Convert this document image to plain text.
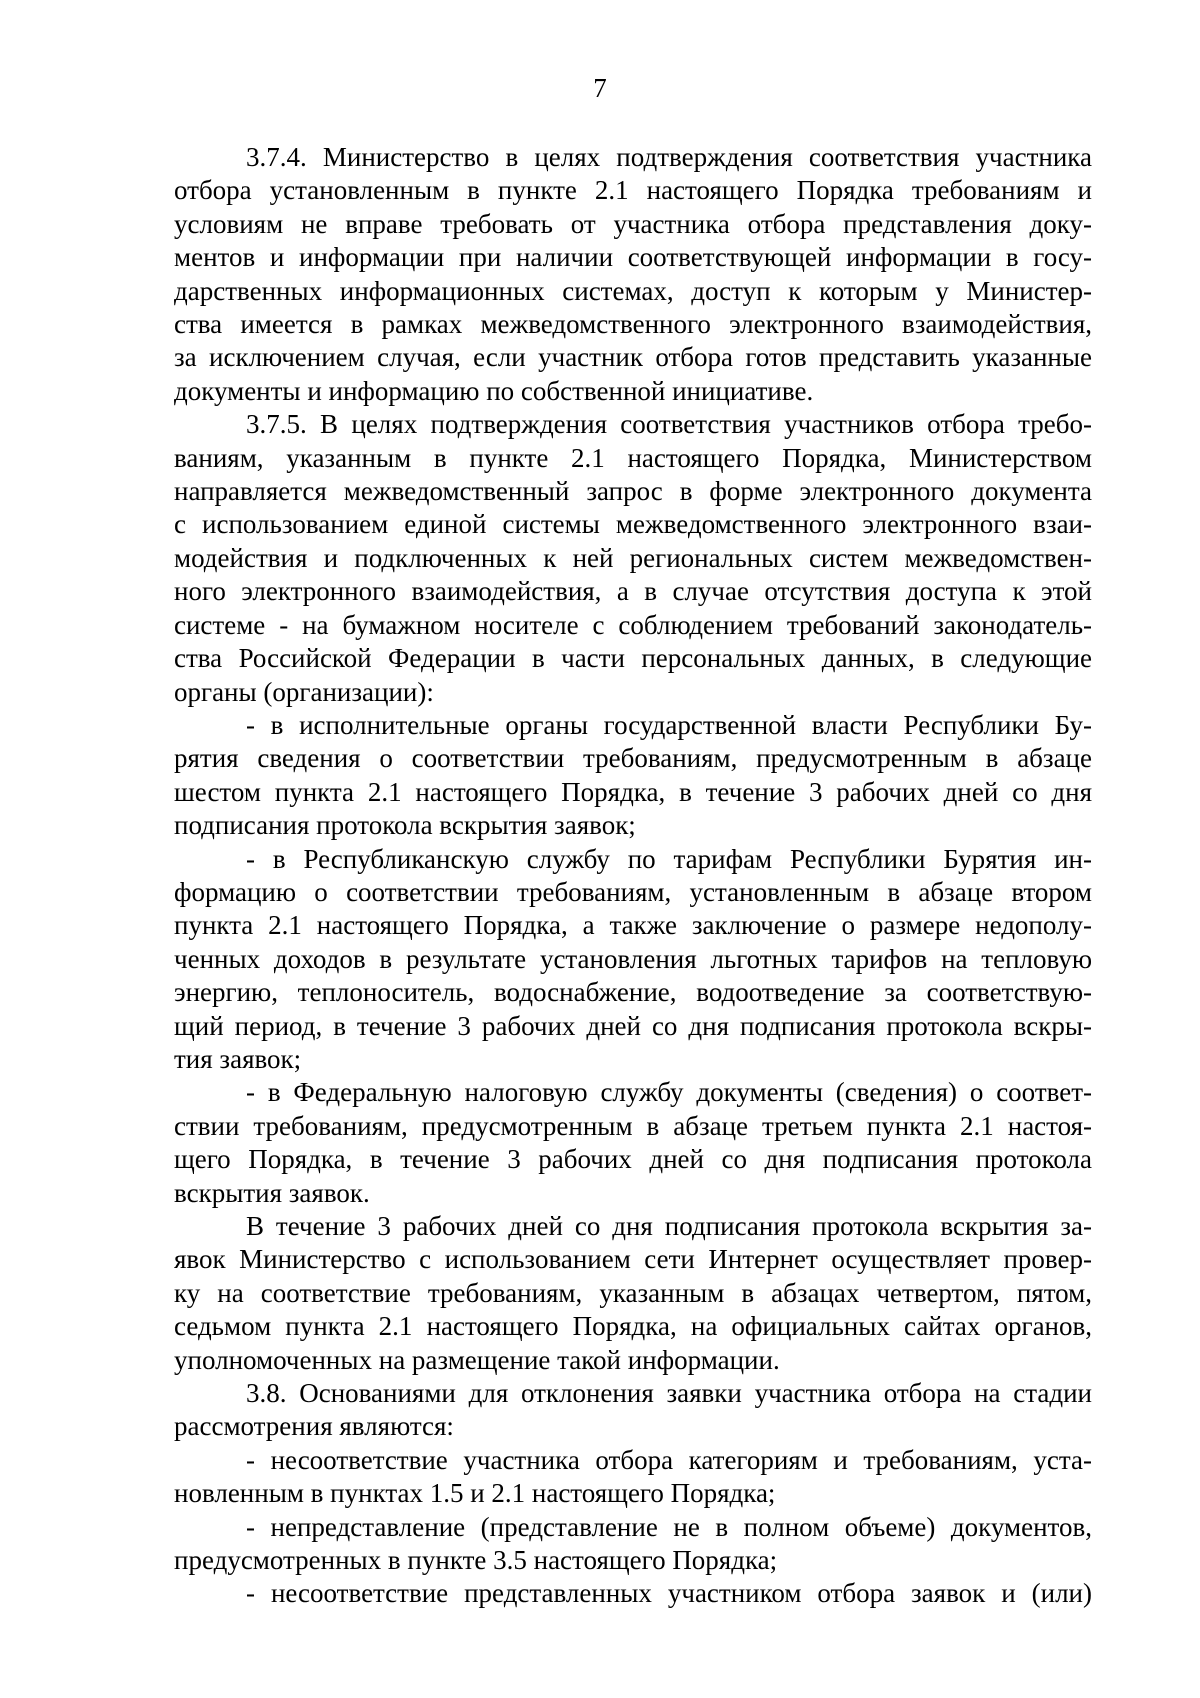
7
3.7.4. Министерство в целях подтверждения соответствия участника
отбора установленным в пункте 2.1 настоящего Порядка требованиям и
условиям не вправе требовать от участника отбора представления доку-
ментов и информации при наличии соответствующей информации в госу-
дарственных информационных системах, доступ к которым у Министер-
ства имеется в рамках межведомственного электронного взаимодействия,
за исключением случая, если участник отбора готов представить указанные
документы и информацию по собственной инициативе.
3.7.5. В целях подтверждения соответствия участников отбора требо-
ваниям, указанным в пункте 2.1 настоящего Порядка, Министерством
направляется межведомственный запрос в форме электронного документа
с использованием единой системы межведомственного электронного взаи-
модействия и подключенных к ней региональных систем межведомствен-
ного электронного взаимодействия, а в случае отсутствия доступа к этой
системе - на бумажном носителе с соблюдением требований законодатель-
ства Российской Федерации в части персональных данных, в следующие
органы (организации):
- в исполнительные органы государственной власти Республики Бу-
рятия сведения о соответствии требованиям, предусмотренным в абзаце
шестом пункта 2.1 настоящего Порядка, в течение 3 рабочих дней со дня
подписания протокола вскрытия заявок;
- в Республиканскую службу по тарифам Республики Бурятия ин-
формацию о соответствии требованиям, установленным в абзаце втором
пункта 2.1 настоящего Порядка, а также заключение о размере недополу-
ченных доходов в результате установления льготных тарифов на тепловую
энергию, теплоноситель, водоснабжение, водоотведение за соответствую-
щий период, в течение 3 рабочих дней со дня подписания протокола вскры-
тия заявок;
- в Федеральную налоговую службу документы (сведения) о соответ-
ствии требованиям, предусмотренным в абзаце третьем пункта 2.1 настоя-
щего Порядка, в течение 3 рабочих дней со дня подписания протокола
вскрытия заявок.
В течение 3 рабочих дней со дня подписания протокола вскрытия за-
явок Министерство с использованием сети Интернет осуществляет провер-
ку на соответствие требованиям, указанным в абзацах четвертом, пятом,
седьмом пункта 2.1 настоящего Порядка, на официальных сайтах органов,
уполномоченных на размещение такой информации.
3.8. Основаниями для отклонения заявки участника отбора на стадии
рассмотрения являются:
- несоответствие участника отбора категориям и требованиям, уста-
новленным в пунктах 1.5 и 2.1 настоящего Порядка;
- непредставление (представление не в полном объеме) документов,
предусмотренных в пункте 3.5 настоящего Порядка;
- несоответствие представленных участником отбора заявок и (или)
